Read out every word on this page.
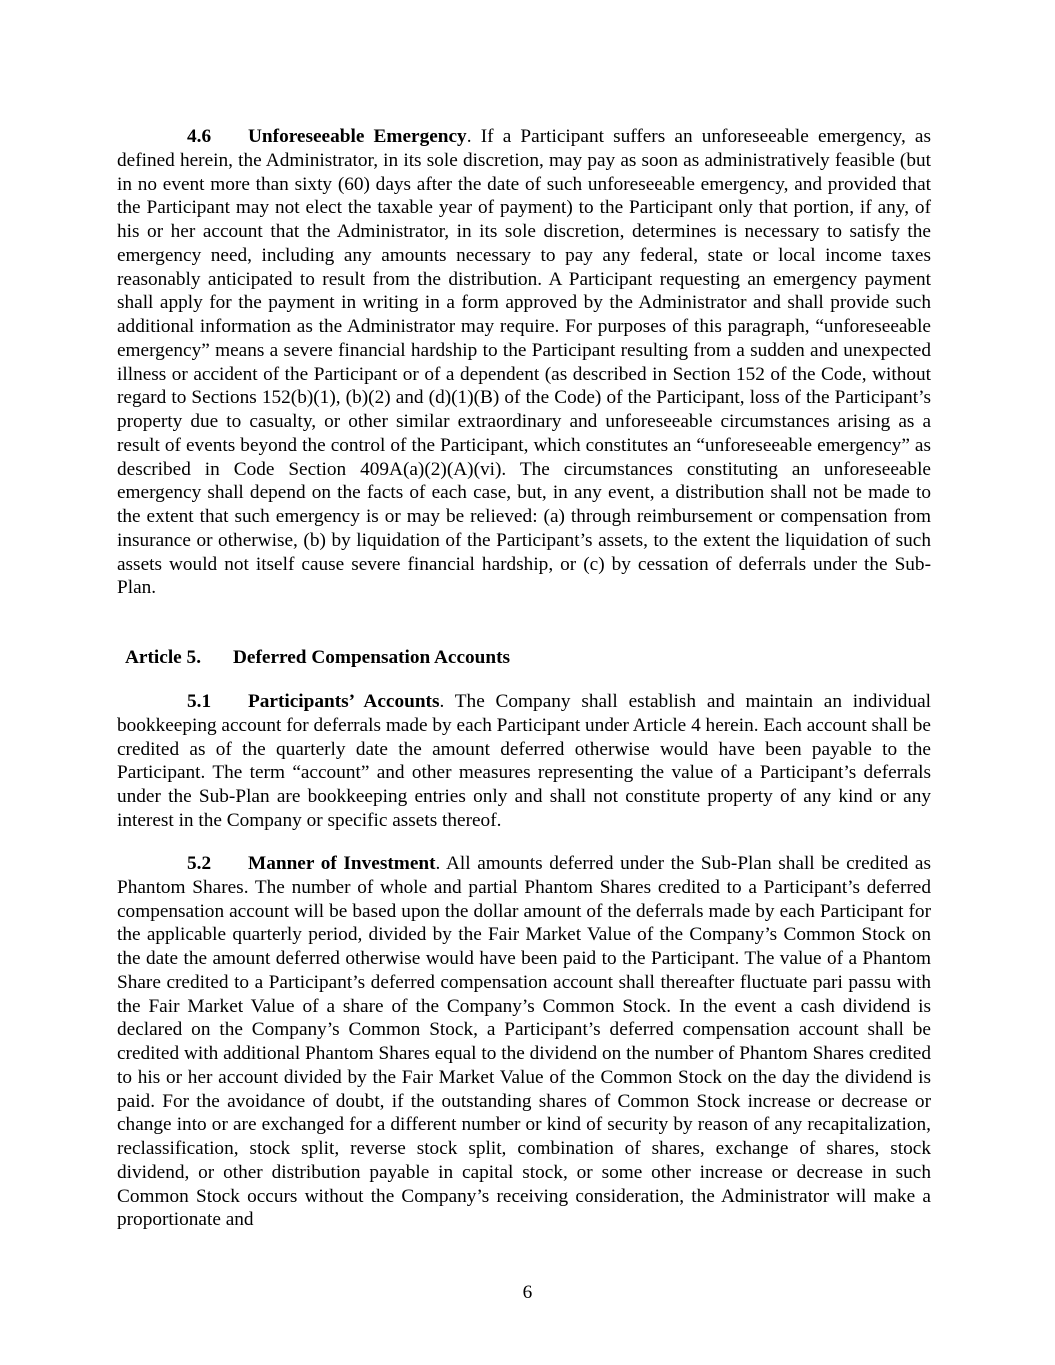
4.6 Unforeseeable Emergency. If a Participant suffers an unforeseeable emergency, as defined herein, the Administrator, in its sole discretion, may pay as soon as administratively feasible (but in no event more than sixty (60) days after the date of such unforeseeable emergency, and provided that the Participant may not elect the taxable year of payment) to the Participant only that portion, if any, of his or her account that the Administrator, in its sole discretion, determines is necessary to satisfy the emergency need, including any amounts necessary to pay any federal, state or local income taxes reasonably anticipated to result from the distribution. A Participant requesting an emergency payment shall apply for the payment in writing in a form approved by the Administrator and shall provide such additional information as the Administrator may require. For purposes of this paragraph, “unforeseeable emergency” means a severe financial hardship to the Participant resulting from a sudden and unexpected illness or accident of the Participant or of a dependent (as described in Section 152 of the Code, without regard to Sections 152(b)(1), (b)(2) and (d)(1)(B) of the Code) of the Participant, loss of the Participant’s property due to casualty, or other similar extraordinary and unforeseeable circumstances arising as a result of events beyond the control of the Participant, which constitutes an “unforeseeable emergency” as described in Code Section 409A(a)(2)(A)(vi). The circumstances constituting an unforeseeable emergency shall depend on the facts of each case, but, in any event, a distribution shall not be made to the extent that such emergency is or may be relieved: (a) through reimbursement or compensation from insurance or otherwise, (b) by liquidation of the Participant’s assets, to the extent the liquidation of such assets would not itself cause severe financial hardship, or (c) by cessation of deferrals under the Sub-Plan.

Article 5. Deferred Compensation Accounts

5.1 Participants’ Accounts. The Company shall establish and maintain an individual bookkeeping account for deferrals made by each Participant under Article 4 herein. Each account shall be credited as of the quarterly date the amount deferred otherwise would have been payable to the Participant. The term “account” and other measures representing the value of a Participant’s deferrals under the Sub-Plan are bookkeeping entries only and shall not constitute property of any kind or any interest in the Company or specific assets thereof.

5.2 Manner of Investment. All amounts deferred under the Sub-Plan shall be credited as Phantom Shares. The number of whole and partial Phantom Shares credited to a Participant’s deferred compensation account will be based upon the dollar amount of the deferrals made by each Participant for the applicable quarterly period, divided by the Fair Market Value of the Company’s Common Stock on the date the amount deferred otherwise would have been paid to the Participant. The value of a Phantom Share credited to a Participant’s deferred compensation account shall thereafter fluctuate pari passu with the Fair Market Value of a share of the Company’s Common Stock. In the event a cash dividend is declared on the Company’s Common Stock, a Participant’s deferred compensation account shall be credited with additional Phantom Shares equal to the dividend on the number of Phantom Shares credited to his or her account divided by the Fair Market Value of the Common Stock on the day the dividend is paid. For the avoidance of doubt, if the outstanding shares of Common Stock increase or decrease or change into or are exchanged for a different number or kind of security by reason of any recapitalization, reclassification, stock split, reverse stock split, combination of shares, exchange of shares, stock dividend, or other distribution payable in capital stock, or some other increase or decrease in such Common Stock occurs without the Company’s receiving consideration, the Administrator will make a proportionate and

6
